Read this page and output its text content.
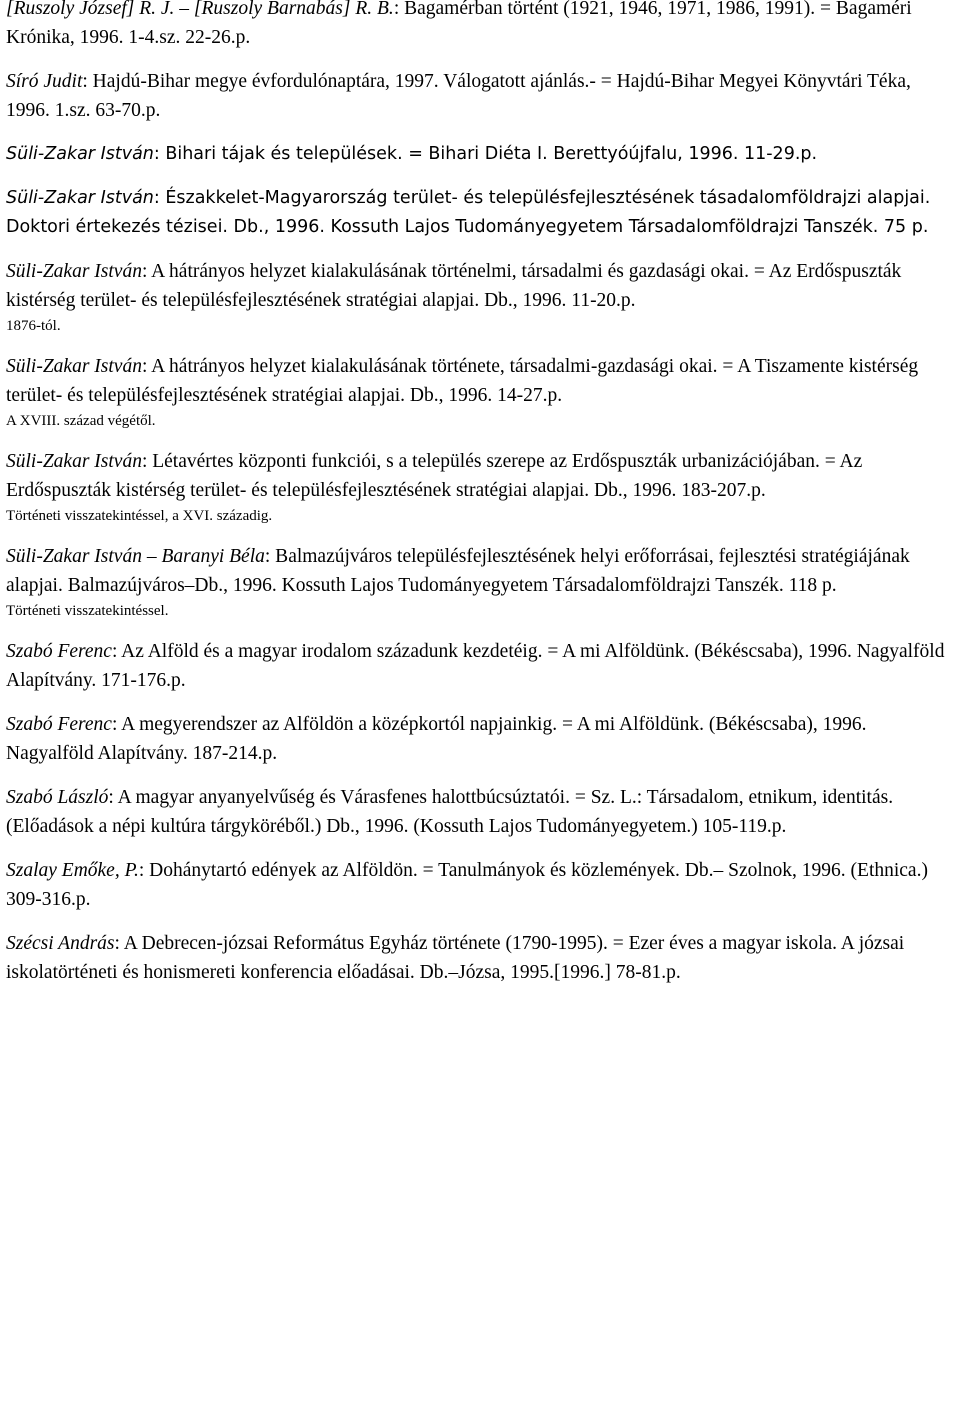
[Ruszoly József] R. J. – [Ruszoly Barnabás] R. B.: Bagamérban történt (1921, 1946, 1971, 1986, 1991). = Bagaméri Krónika, 1996. 1-4.sz. 22-26.p.

Síró Judit: Hajdú-Bihar megye évfordulónaptára, 1997. Válogatott ajánlás.- = Hajdú-Bihar Megyei Könyvtári Téka, 1996. 1.sz. 63-70.p.

Süli-Zakar István: Bihari tájak és települések. = Bihari Diéta I. Berettyóújfalu, 1996. 11-29.p.

Süli-Zakar István: Északkelet-Magyarország terület- és településfejlesztésének tásadalomföldrajzi alapjai. Doktori értekezés tézisei. Db., 1996. Kossuth Lajos Tudományegyetem Társadalomföldrajzi Tanszék. 75 p.

Süli-Zakar István: A hátrányos helyzet kialakulásának történelmi, társadalmi és gazdasági okai. = Az Erdőspuszták kistérség terület- és településfejlesztésének stratégiai alapjai. Db., 1996. 11-20.p.
1876-tól.

Süli-Zakar István: A hátrányos helyzet kialakulásának története, társadalmi-gazdasági okai. = A Tiszamente kistérség terület- és településfejlesztésének stratégiai alapjai. Db., 1996. 14-27.p.
A XVIII. század végétől.

Süli-Zakar István: Létavértes központi funkciói, s a település szerepe az Erdőspuszták urbanizációjában. = Az Erdőspuszták kistérség terület- és településfejlesztésének stratégiai alapjai. Db., 1996. 183-207.p.
Történeti visszatekintéssel, a XVI. századig.

Süli-Zakar István – Baranyi Béla: Balmazújváros településfejlesztésének helyi erőforrásai, fejlesztési stratégiájának alapjai. Balmazújváros–Db., 1996. Kossuth Lajos Tudományegyetem Társadalomföldrajzi Tanszék. 118 p.
Történeti visszatekintéssel.

Szabó Ferenc: Az Alföld és a magyar irodalom századunk kezdetéig. = A mi Alföldünk. (Békéscsaba), 1996. Nagyalföld Alapítvány. 171-176.p.

Szabó Ferenc: A megyerendszer az Alföldön a középkortól napjainkig. = A mi Alföldünk. (Békéscsaba), 1996. Nagyalföld Alapítvány. 187-214.p.

Szabó László: A magyar anyanyelvűség és Várasfenes halottbúcsúztatói. = Sz. L.: Társadalom, etnikum, identitás. (Előadások a népi kultúra tárgyköréből.) Db., 1996. (Kossuth Lajos Tudományegyetem.) 105-119.p.

Szalay Emőke, P.: Dohánytartó edények az Alföldön. = Tanulmányok és közlemények. Db.– Szolnok, 1996. (Ethnica.) 309-316.p.

Szécsi András: A Debrecen-józsai Református Egyház története (1790-1995). = Ezer éves a magyar iskola. A józsai iskolatörténeti és honismereti konferencia előadásai. Db.–Józsa, 1995.[1996.] 78-81.p.
